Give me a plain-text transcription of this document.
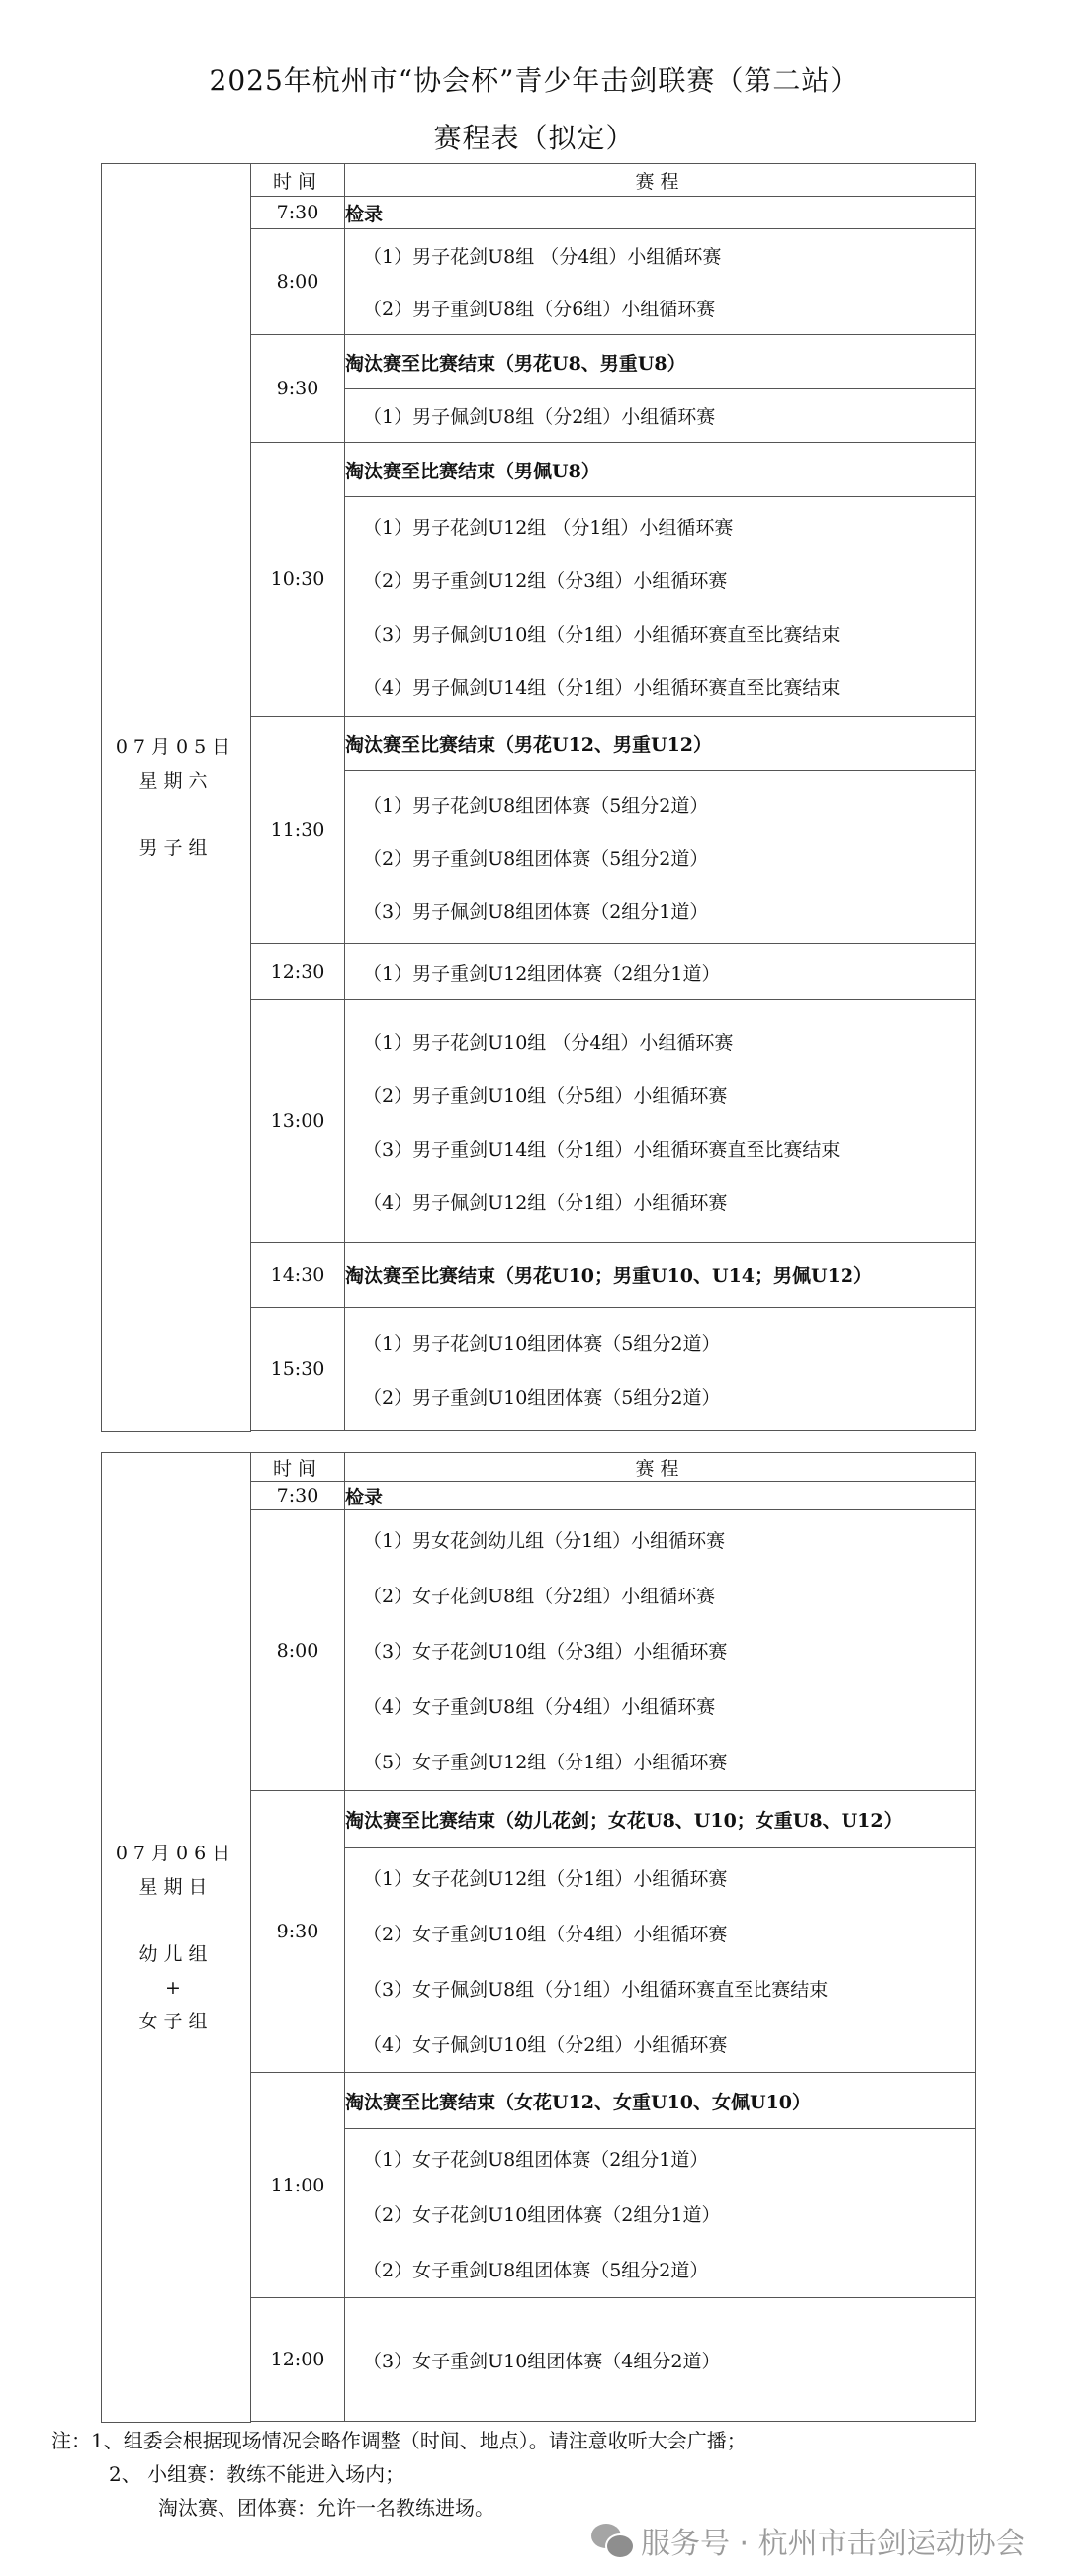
2025年杭州市“协会杯”青少年击剑联赛（第二站）
赛程表（拟定）
07月05日
星期六
男子组	时间	赛程
	7:30	检录
	8:00	（1）男子花剑U8组 （分4组）小组循环赛
（2）男子重剑U8组（分6组）小组循环赛

	9:30	淘汰赛至比赛结束（男花U8、男重U8）

（1）男子佩剑U8组（分2组）小组循环赛

	10:30	淘汰赛至比赛结束（男佩U8）

（1）男子花剑U12组 （分1组）小组循环赛
（2）男子重剑U12组（分3组）小组循环赛
（3）男子佩剑U10组（分1组）小组循环赛直至比赛结束
（4）男子佩剑U14组（分1组）小组循环赛直至比赛结束

	11:30	淘汰赛至比赛结束（男花U12、男重U12）

（1）男子花剑U8组团体赛（5组分2道）
（2）男子重剑U8组团体赛（5组分2道）
（3）男子佩剑U8组团体赛（2组分1道）

	12:30	（1）男子重剑U12组团体赛（2组分1道）

	13:00	（1）男子花剑U10组 （分4组）小组循环赛
（2）男子重剑U10组（分5组）小组循环赛
（3）男子重剑U14组（分1组）小组循环赛直至比赛结束
（4）男子佩剑U12组（分1组）小组循环赛

	14:30	淘汰赛至比赛结束（男花U10；男重U10、U14；男佩U12）
	15:30	（1）男子花剑U10组团体赛（5组分2道）
（2）男子重剑U10组团体赛（5组分2道）

07月06日
星期日
幼儿组
+
女子组	时间	赛程
	7:30	检录
	8:00	（1）男女花剑幼儿组（分1组）小组循环赛
（2）女子花剑U8组（分2组）小组循环赛
（3）女子花剑U10组（分3组）小组循环赛
（4）女子重剑U8组（分4组）小组循环赛
（5）女子重剑U12组（分1组）小组循环赛

	9:30	淘汰赛至比赛结束（幼儿花剑；女花U8、U10；女重U8、U12）

（1）女子花剑U12组（分1组）小组循环赛
（2）女子重剑U10组（分4组）小组循环赛
（3）女子佩剑U8组（分1组）小组循环赛直至比赛结束
（4）女子佩剑U10组（分2组）小组循环赛

	11:00	淘汰赛至比赛结束（女花U12、女重U10、女佩U10）

（1）女子花剑U8组团体赛（2组分1道）
（2）女子花剑U10组团体赛（2组分1道）
（2）女子重剑U8组团体赛（5组分2道）

	12:00	（3）女子重剑U10组团体赛（4组分2道）

注：1、组委会根据现场情况会略作调整（时间、地点）。请注意收听大会广播；
2、 小组赛：教练不能进入场内；
淘汰赛、团体赛：允许一名教练进场。
服务号 · 杭州市击剑运动协会
